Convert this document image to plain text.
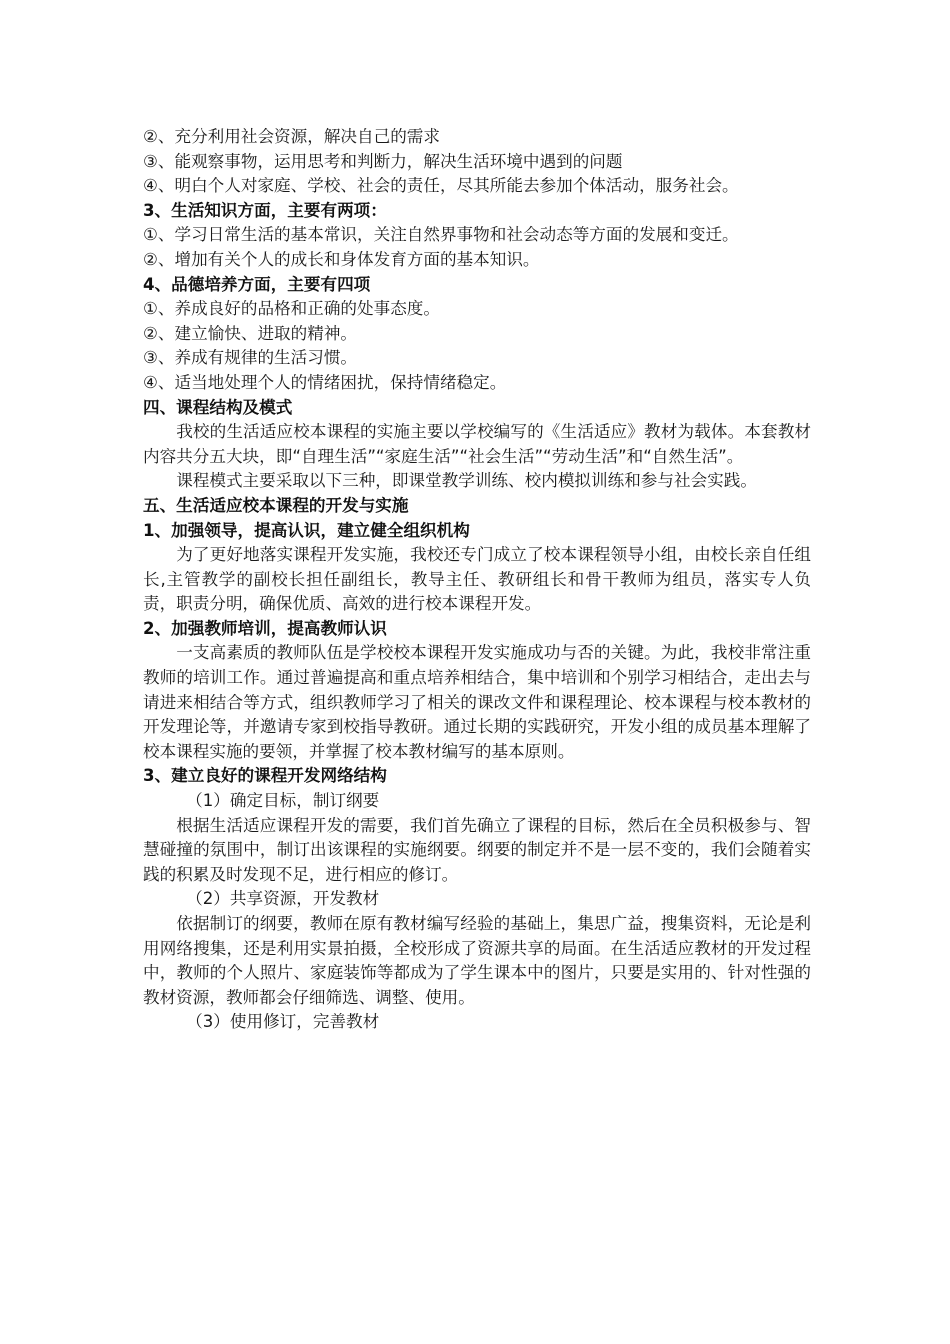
②、充分利用社会资源，解决自己的需求

③、能观察事物，运用思考和判断力，解决生活环境中遇到的问题

④、明白个人对家庭、学校、社会的责任，尽其所能去参加个体活动，服务社会。

3、生活知识方面，主要有两项：

①、学习日常生活的基本常识，关注自然界事物和社会动态等方面的发展和变迁。

②、增加有关个人的成长和身体发育方面的基本知识。

4、品德培养方面，主要有四项

①、养成良好的品格和正确的处事态度。

②、建立愉快、进取的精神。

③、养成有规律的生活习惯。

④、适当地处理个人的情绪困扰，保持情绪稳定。

四、课程结构及模式

我校的生活适应校本课程的实施主要以学校编写的《生活适应》教材为载体。本套教材内容共分五大块，即“自理生活”“家庭生活”“社会生活”“劳动生活”和“自然生活”。

课程模式主要采取以下三种，即课堂教学训练、校内模拟训练和参与社会实践。

五、生活适应校本课程的开发与实施

1、加强领导，提高认识，建立健全组织机构

为了更好地落实课程开发实施，我校还专门成立了校本课程领导小组，由校长亲自任组长,主管教学的副校长担任副组长，教导主任、教研组长和骨干教师为组员，落实专人负责，职责分明，确保优质、高效的进行校本课程开发。

2、加强教师培训，提高教师认识

一支高素质的教师队伍是学校校本课程开发实施成功与否的关键。为此，我校非常注重教师的培训工作。通过普遍提高和重点培养相结合，集中培训和个别学习相结合，走出去与请进来相结合等方式，组织教师学习了相关的课改文件和课程理论、校本课程与校本教材的开发理论等，并邀请专家到校指导教研。通过长期的实践研究，开发小组的成员基本理解了校本课程实施的要领，并掌握了校本教材编写的基本原则。

3、建立良好的课程开发网络结构

（1）确定目标，制订纲要

根据生活适应课程开发的需要，我们首先确立了课程的目标，然后在全员积极参与、智慧碰撞的氛围中，制订出该课程的实施纲要。纲要的制定并不是一层不变的，我们会随着实践的积累及时发现不足，进行相应的修订。

（2）共享资源，开发教材

依据制订的纲要，教师在原有教材编写经验的基础上，集思广益，搜集资料，无论是利用网络搜集，还是利用实景拍摄，全校形成了资源共享的局面。在生活适应教材的开发过程中，教师的个人照片、家庭装饰等都成为了学生课本中的图片，只要是实用的、针对性强的教材资源，教师都会仔细筛选、调整、使用。

（3）使用修订，完善教材
